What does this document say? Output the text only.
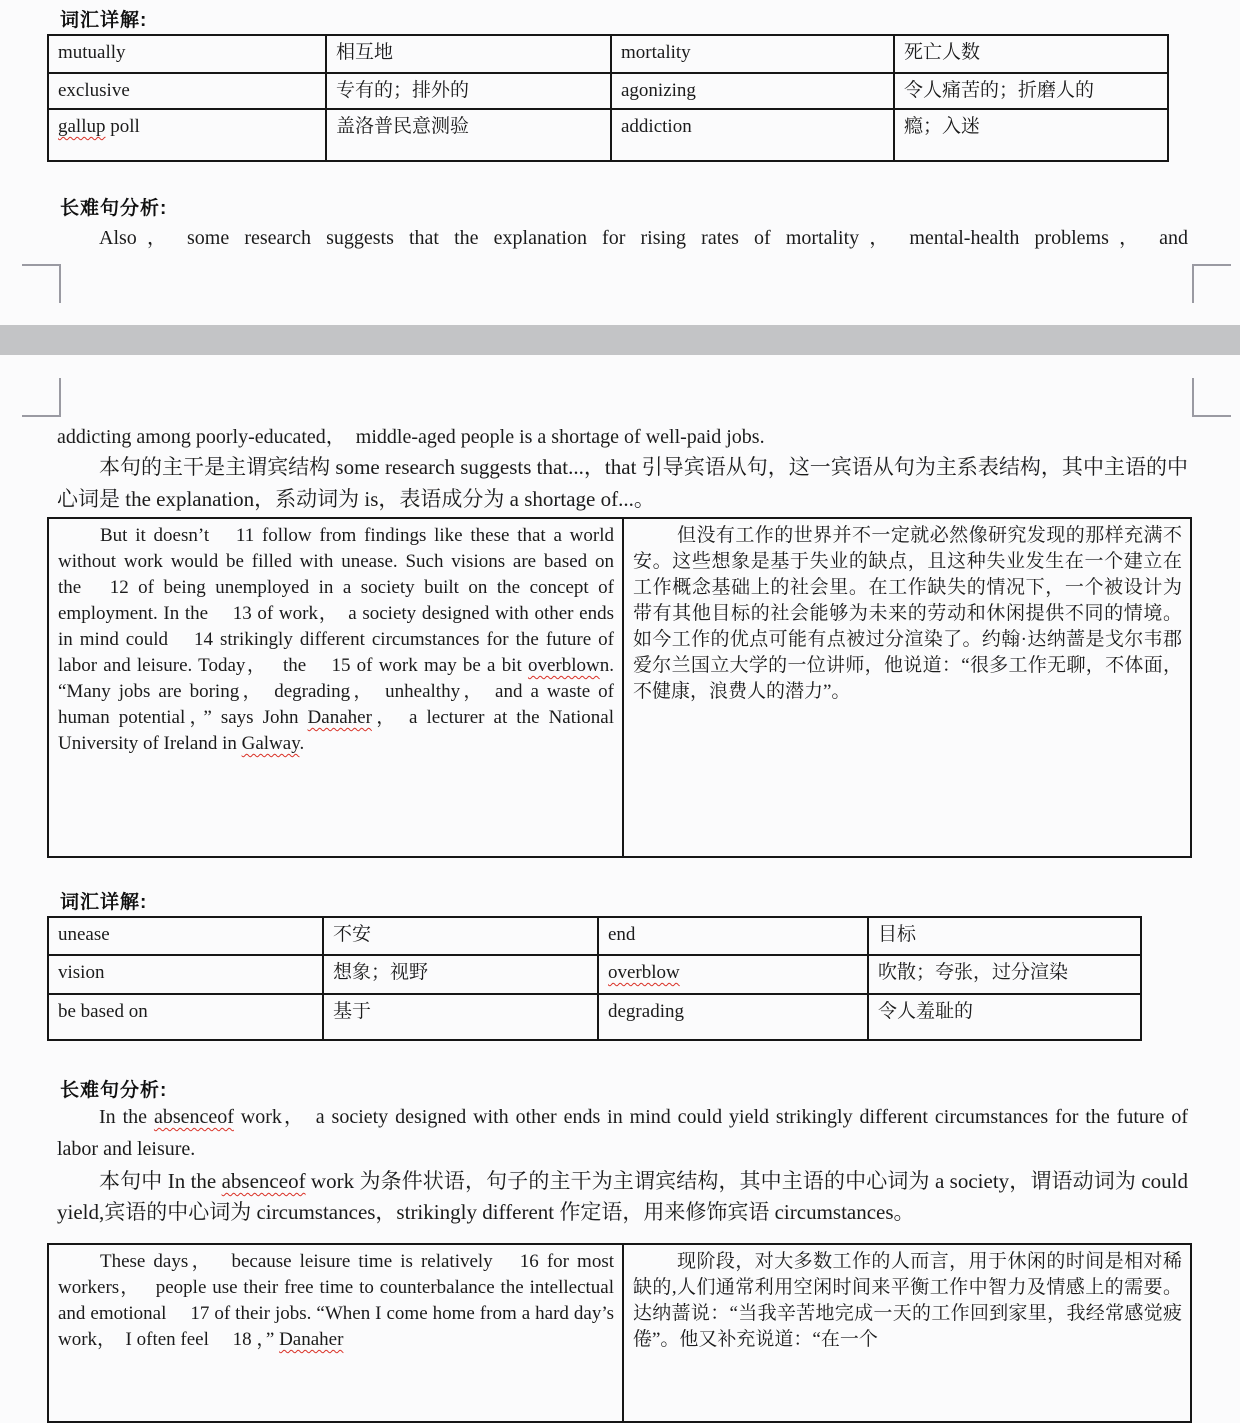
词汇详解:
mutually	相互地	mortality	死亡人数
exclusive	专有的；排外的	agonizing	令人痛苦的；折磨人的
gallup poll	盖洛普民意测验	addiction	瘾；入迷
长难句分析:
Also， some research suggests that the explanation for rising rates of mortality， mental-health problems， and
addicting among poorly-educated， middle-aged people is a shortage of well-paid jobs.
本句的主干是主谓宾结构 some research suggests that...，that 引导宾语从句，这一宾语从句为主系表结构，其中主语的中心词是 the explanation，系动词为 is，表语成分为 a shortage of...。
But it doesn’t  11 follow from findings like these that a world without work would be filled with unease. Such visions are based on the  12 of being unemployed in a society built on the concept of employment. In the  13 of work， a society designed with other ends in mind could  14 strikingly different circumstances for the future of labor and leisure. Today，  the  15 of work may be a bit overblown. “Many jobs are boring， degrading， unhealthy， and a waste of human potential，” says John Danaher， a lecturer at the National University of Ireland in Galway.	但没有工作的世界并不一定就必然像研究发现的那样充满不安。这些想象是基于失业的缺点，且这种失业发生在一个建立在工作概念基础上的社会里。在工作缺失的情况下，一个被设计为带有其他目标的社会能够为未来的劳动和休闲提供不同的情境。如今工作的优点可能有点被过分渲染了。约翰·达纳蔷是戈尔韦郡爱尔兰国立大学的一位讲师，他说道：“很多工作无聊，不体面，不健康，浪费人的潜力”。
词汇详解:
unease	不安	end	目标
vision	想象；视野	overblow	吹散；夸张，过分渲染
be based on	基于	degrading	令人羞耻的
长难句分析:
In the absenceof work， a society designed with other ends in mind could yield strikingly different circumstances for the future of labor and leisure.
本句中 In the absenceof work 为条件状语，句子的主干为主谓宾结构，其中主语的中心词为 a society，谓语动词为 could yield,宾语的中心词为 circumstances，strikingly different 作定语，用来修饰宾语 circumstances。
These days，  because leisure time is relatively  16 for most workers，  people use their free time to counterbalance the intellectual and emotional  17 of their jobs. “When I come home from a hard day’s work， I often feel  18 ，” Danaher	现阶段，对大多数工作的人而言，用于休闲的时间是相对稀缺的,人们通常利用空闲时间来平衡工作中智力及情感上的需要。达纳蔷说：“当我辛苦地完成一天的工作回到家里，我经常感觉疲倦”。他又补充说道：“在一个
